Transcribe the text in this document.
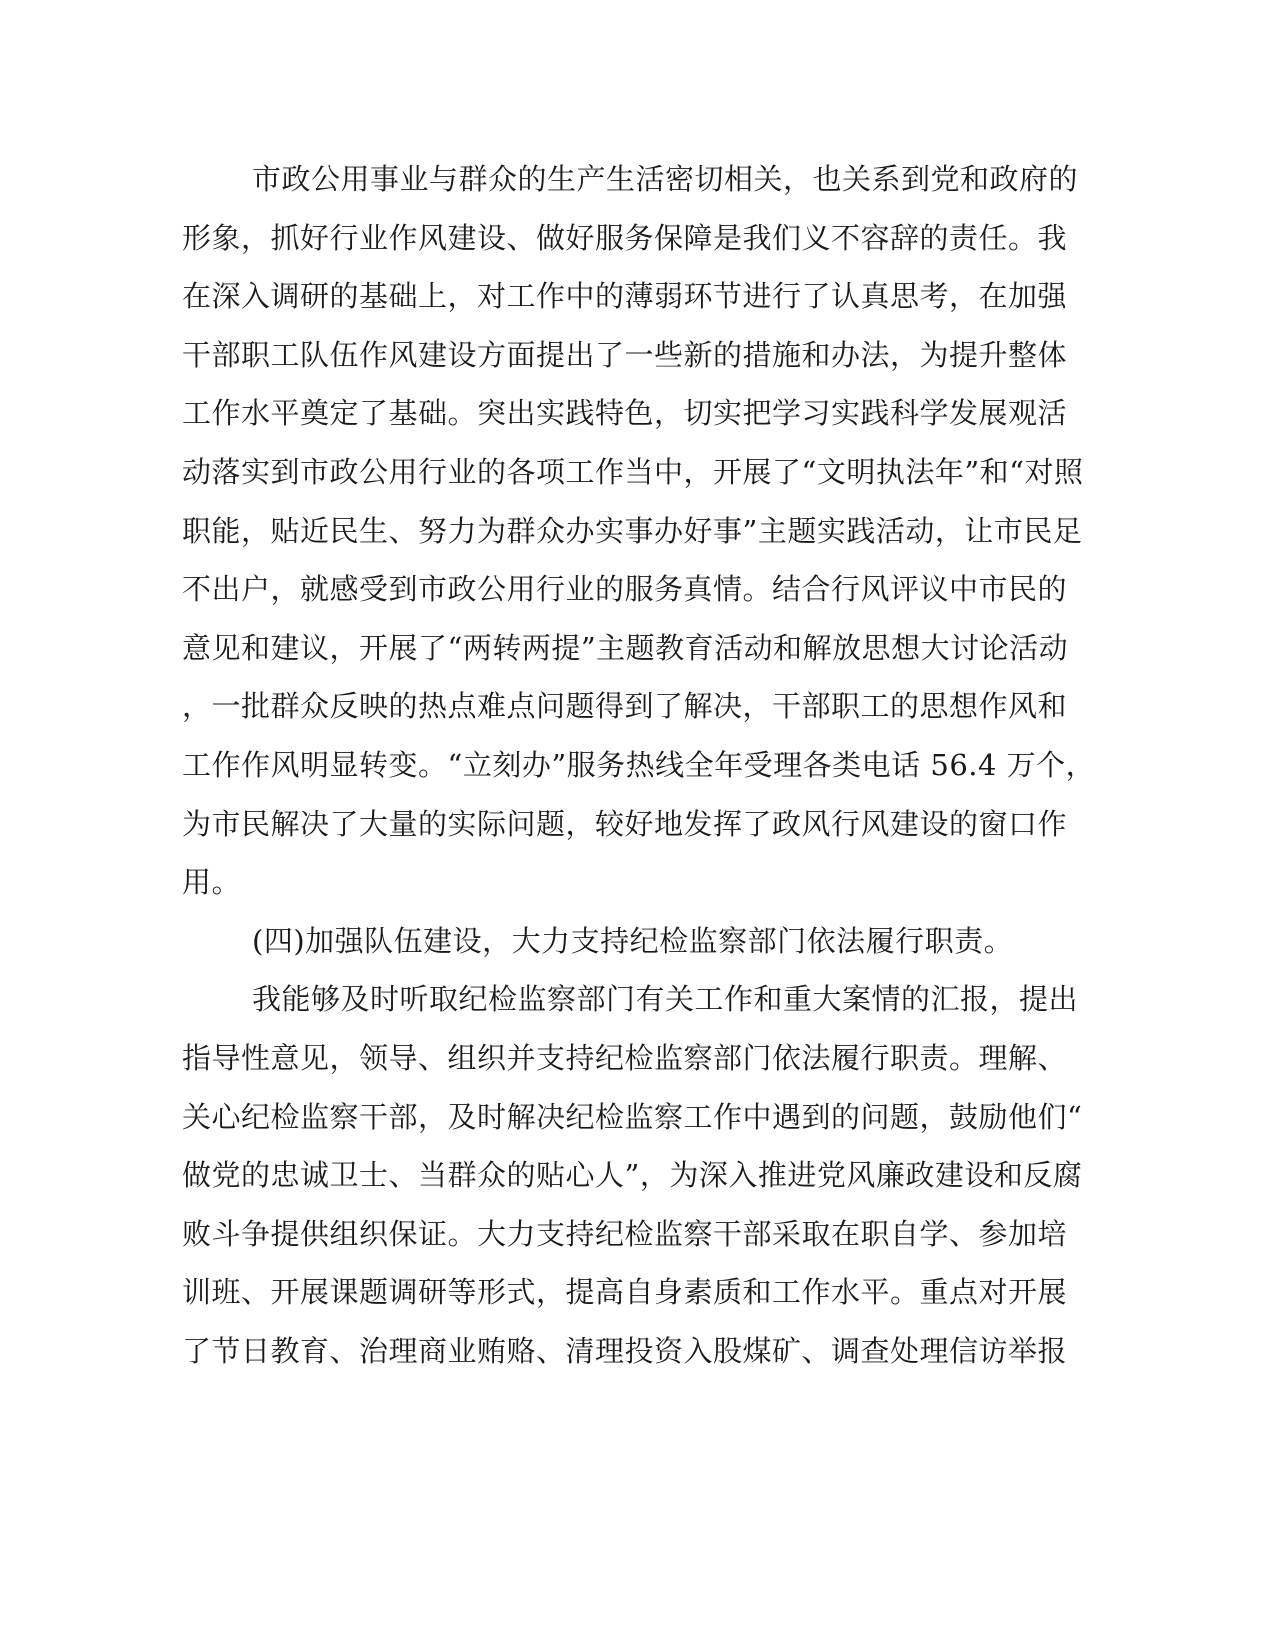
市政公用事业与群众的生产生活密切相关，也关系到党和政府的
形象，抓好行业作风建设、做好服务保障是我们义不容辞的责任。我
在深入调研的基础上，对工作中的薄弱环节进行了认真思考，在加强
干部职工队伍作风建设方面提出了一些新的措施和办法，为提升整体
工作水平奠定了基础。突出实践特色，切实把学习实践科学发展观活
动落实到市政公用行业的各项工作当中，开展了“文明执法年”和“对照
职能，贴近民生、努力为群众办实事办好事”主题实践活动，让市民足
不出户，就感受到市政公用行业的服务真情。结合行风评议中市民的
意见和建议，开展了“两转两提”主题教育活动和解放思想大讨论活动
，一批群众反映的热点难点问题得到了解决，干部职工的思想作风和
工作作风明显转变。“立刻办”服务热线全年受理各类电话 56.4 万个，
为市民解决了大量的实际问题，较好地发挥了政风行风建设的窗口作
用。
(四)加强队伍建设，大力支持纪检监察部门依法履行职责。
我能够及时听取纪检监察部门有关工作和重大案情的汇报，提出
指导性意见，领导、组织并支持纪检监察部门依法履行职责。理解、
关心纪检监察干部，及时解决纪检监察工作中遇到的问题，鼓励他们“
做党的忠诚卫士、当群众的贴心人”，为深入推进党风廉政建设和反腐
败斗争提供组织保证。大力支持纪检监察干部采取在职自学、参加培
训班、开展课题调研等形式，提高自身素质和工作水平。重点对开展
了节日教育、治理商业贿赂、清理投资入股煤矿、调查处理信访举报
